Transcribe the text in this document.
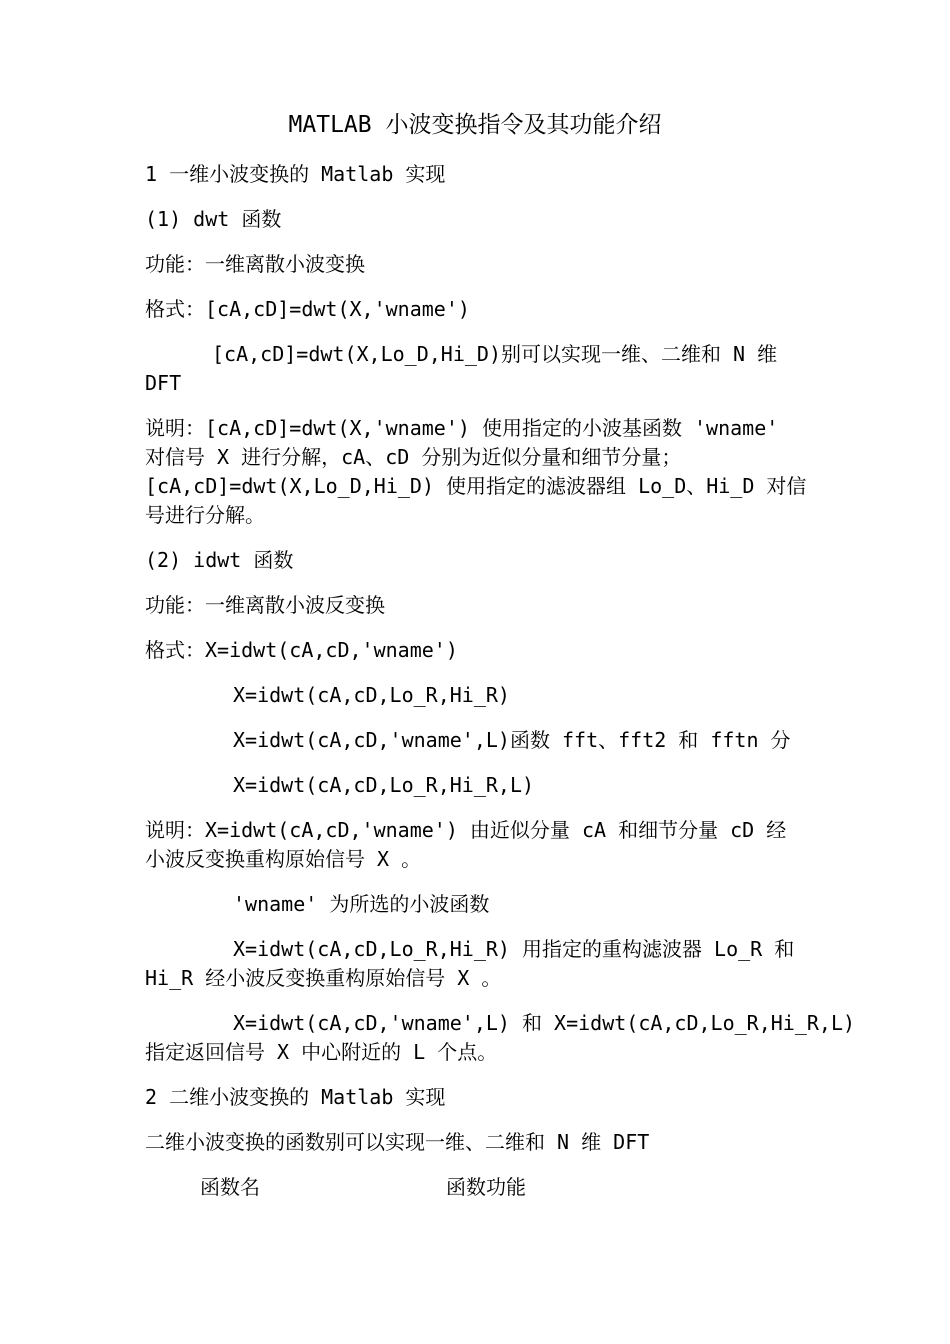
MATLAB 小波变换指令及其功能介绍
1 一维小波变换的 Matlab 实现
(1) dwt 函数
功能：一维离散小波变换
格式：[cA,cD]=dwt(X,'wname')
[cA,cD]=dwt(X,Lo_D,Hi_D)别可以实现一维、二维和 N 维
DFT
说明：[cA,cD]=dwt(X,'wname') 使用指定的小波基函数 'wname'
对信号 X 进行分解，cA、cD 分别为近似分量和细节分量；
[cA,cD]=dwt(X,Lo_D,Hi_D) 使用指定的滤波器组 Lo_D、Hi_D 对信
号进行分解。
(2) idwt 函数
功能：一维离散小波反变换
格式：X=idwt(cA,cD,'wname')
X=idwt(cA,cD,Lo_R,Hi_R)
X=idwt(cA,cD,'wname',L)函数 fft、fft2 和 fftn 分
X=idwt(cA,cD,Lo_R,Hi_R,L)
说明：X=idwt(cA,cD,'wname') 由近似分量 cA 和细节分量 cD 经
小波反变换重构原始信号 X 。
'wname' 为所选的小波函数
X=idwt(cA,cD,Lo_R,Hi_R) 用指定的重构滤波器 Lo_R 和
Hi_R 经小波反变换重构原始信号 X 。
X=idwt(cA,cD,'wname',L) 和 X=idwt(cA,cD,Lo_R,Hi_R,L)
指定返回信号 X 中心附近的 L 个点。
2 二维小波变换的 Matlab 实现
二维小波变换的函数别可以实现一维、二维和 N 维 DFT
函数名	函数功能
